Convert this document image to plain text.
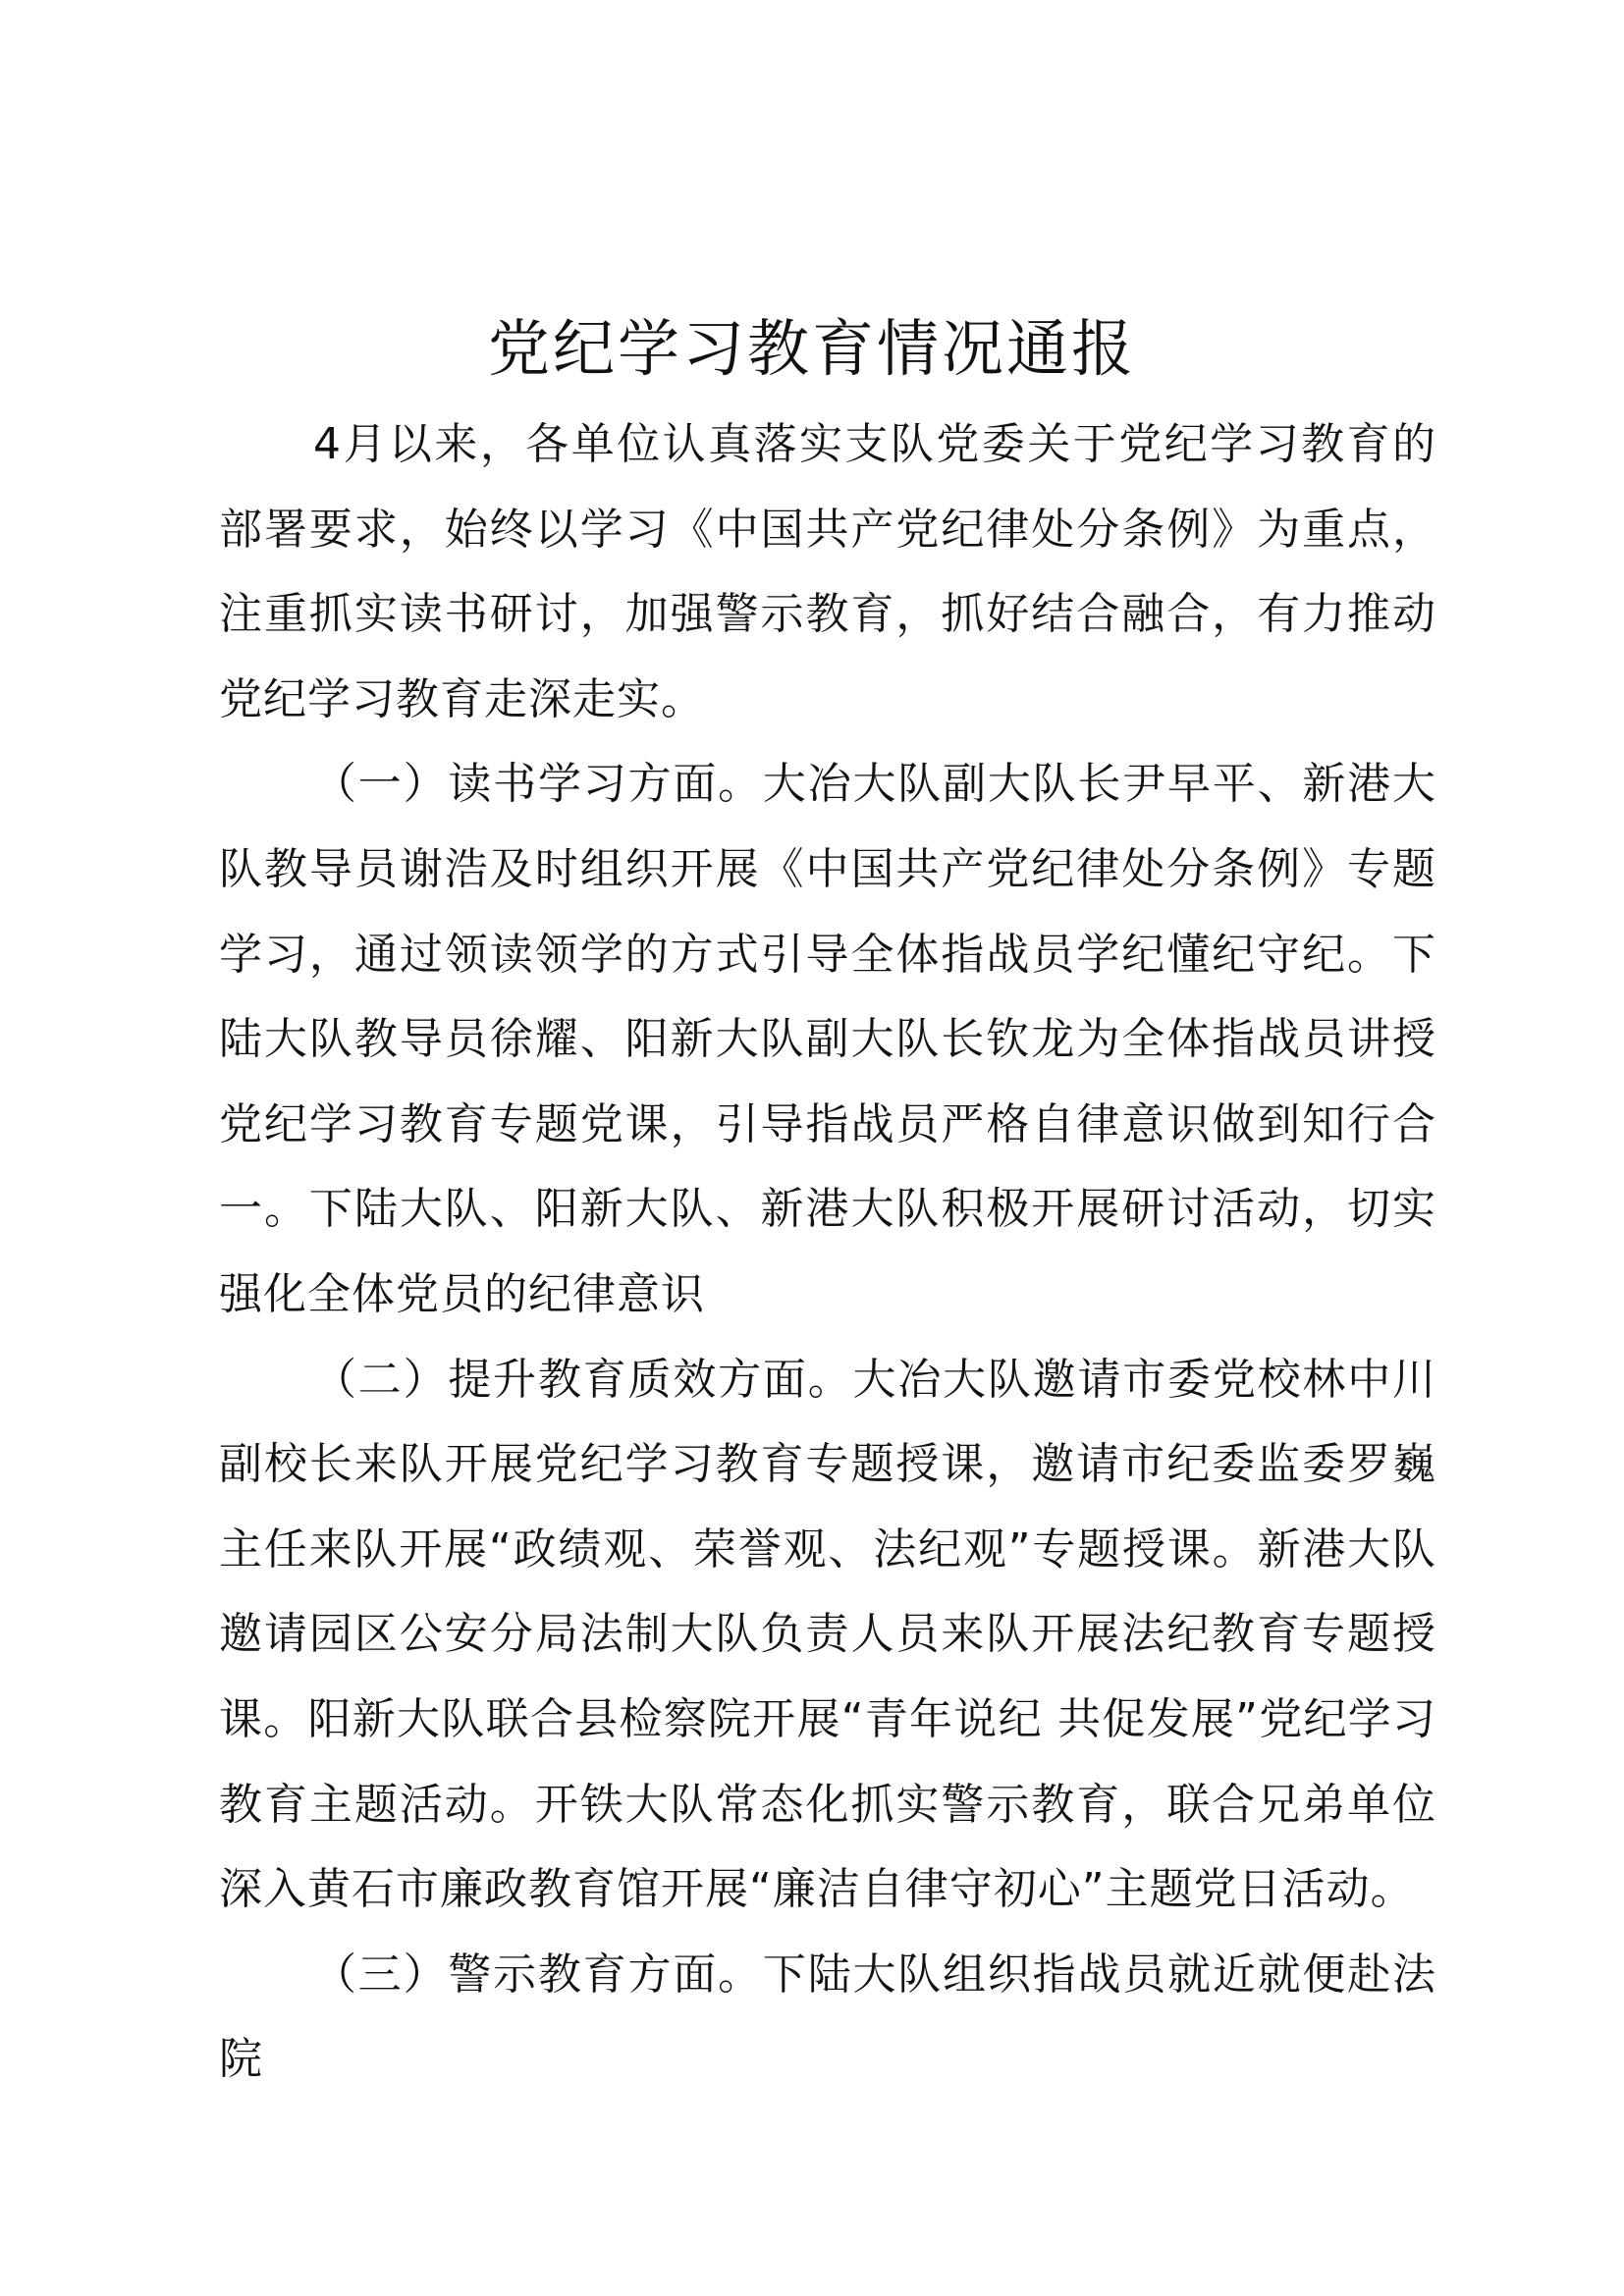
党纪学习教育情况通报

4月以来，各单位认真落实支队党委关于党纪学习教育的部署要求，始终以学习《中国共产党纪律处分条例》为重点，注重抓实读书研讨，加强警示教育，抓好结合融合，有力推动党纪学习教育走深走实。

（一）读书学习方面。大冶大队副大队长尹早平、新港大队教导员谢浩及时组织开展《中国共产党纪律处分条例》专题学习，通过领读领学的方式引导全体指战员学纪懂纪守纪。下陆大队教导员徐耀、阳新大队副大队长钦龙为全体指战员讲授党纪学习教育专题党课，引导指战员严格自律意识做到知行合一。下陆大队、阳新大队、新港大队积极开展研讨活动，切实强化全体党员的纪律意识

（二）提升教育质效方面。大冶大队邀请市委党校林中川副校长来队开展党纪学习教育专题授课，邀请市纪委监委罗巍主任来队开展“政绩观、荣誉观、法纪观”专题授课。新港大队邀请园区公安分局法制大队负责人员来队开展法纪教育专题授课。阳新大队联合县检察院开展“青年说纪 共促发展”党纪学习教育主题活动。开铁大队常态化抓实警示教育，联合兄弟单位深入黄石市廉政教育馆开展“廉洁自律守初心”主题党日活动。

（三）警示教育方面。下陆大队组织指战员就近就便赴法院
